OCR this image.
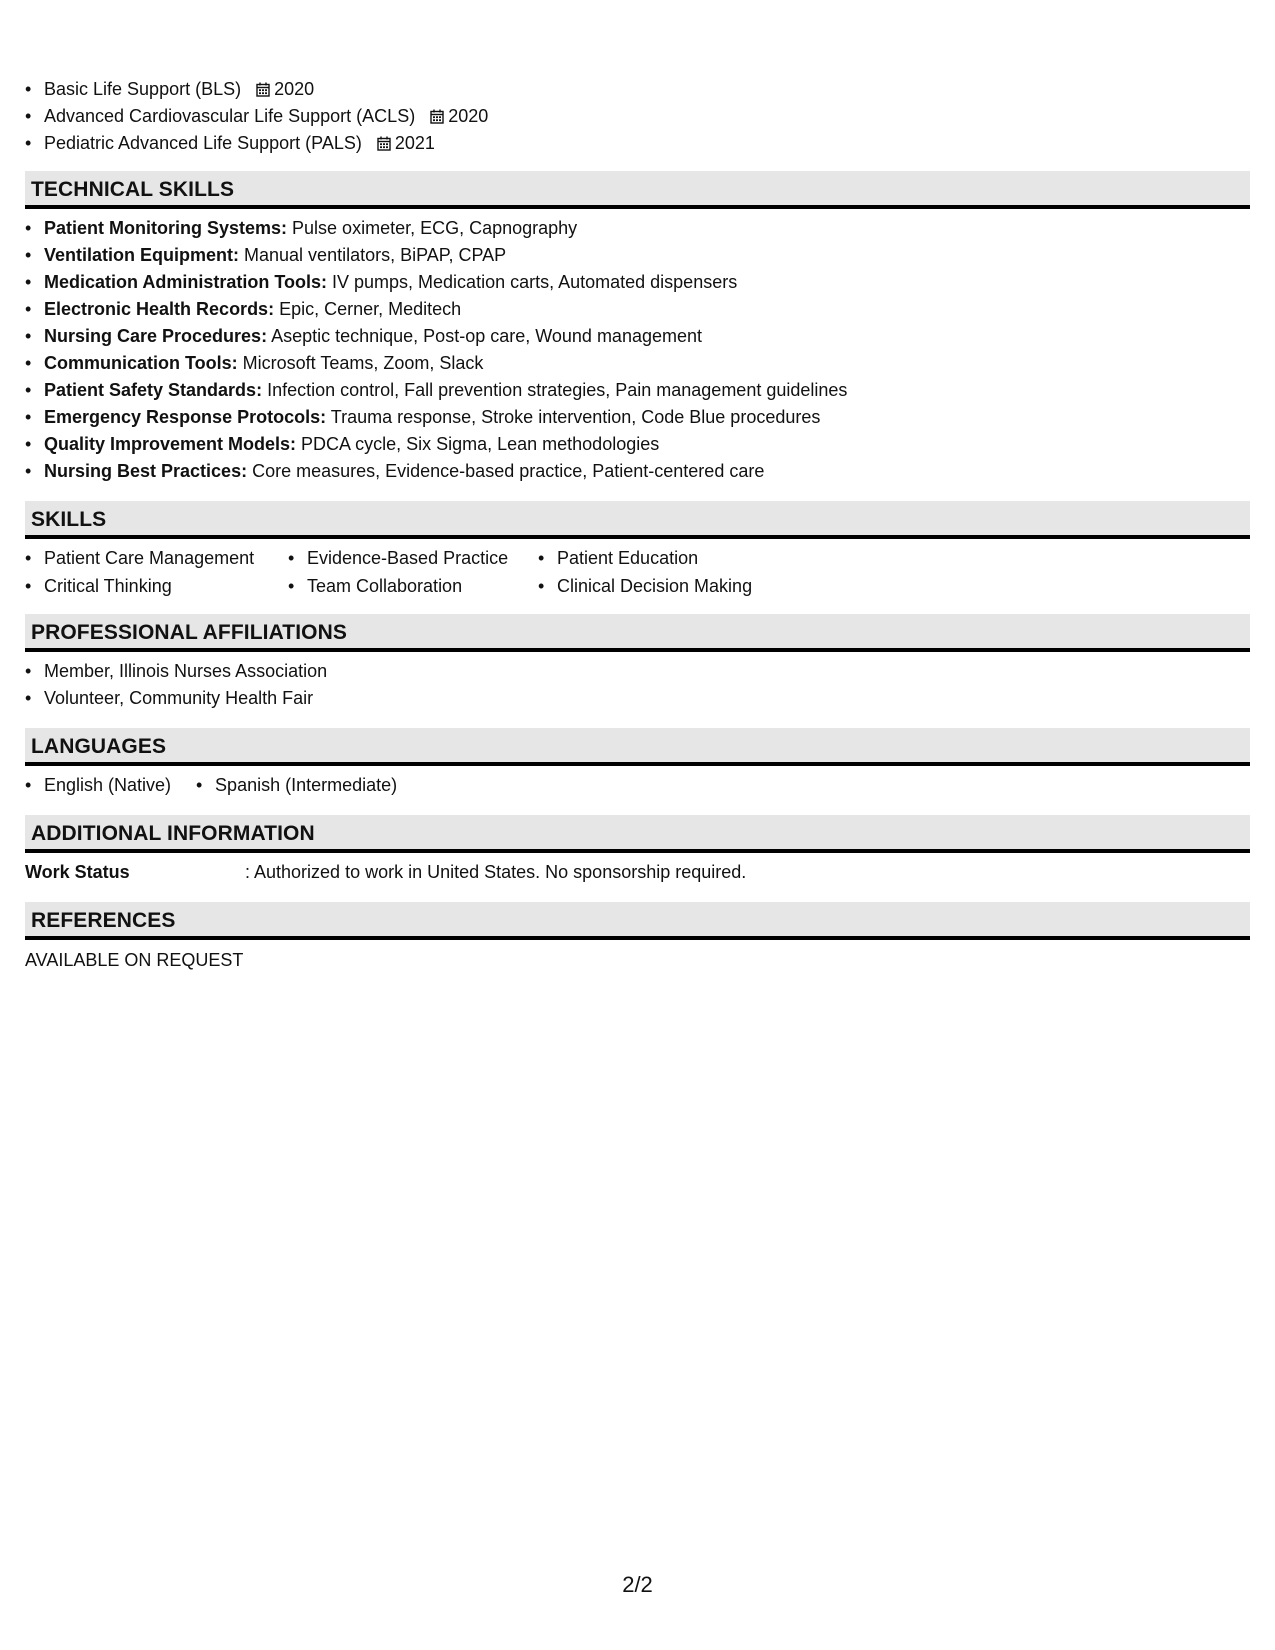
• Basic Life Support (BLS) 2020
• Advanced Cardiovascular Life Support (ACLS) 2020
• Pediatric Advanced Life Support (PALS) 2021
TECHNICAL SKILLS
• Patient Monitoring Systems: Pulse oximeter, ECG, Capnography
• Ventilation Equipment: Manual ventilators, BiPAP, CPAP
• Medication Administration Tools: IV pumps, Medication carts, Automated dispensers
• Electronic Health Records: Epic, Cerner, Meditech
• Nursing Care Procedures: Aseptic technique, Post-op care, Wound management
• Communication Tools: Microsoft Teams, Zoom, Slack
• Patient Safety Standards: Infection control, Fall prevention strategies, Pain management guidelines
• Emergency Response Protocols: Trauma response, Stroke intervention, Code Blue procedures
• Quality Improvement Models: PDCA cycle, Six Sigma, Lean methodologies
• Nursing Best Practices: Core measures, Evidence-based practice, Patient-centered care
SKILLS
• Patient Care Management
• Critical Thinking
• Evidence-Based Practice
• Team Collaboration
• Patient Education
• Clinical Decision Making
PROFESSIONAL AFFILIATIONS
• Member, Illinois Nurses Association
• Volunteer, Community Health Fair
LANGUAGES
• English (Native)
•	Spanish (Intermediate)
ADDITIONAL INFORMATION
Work Status	: Authorized to work in United States. No sponsorship required.
REFERENCES
AVAILABLE ON REQUEST
2/2
